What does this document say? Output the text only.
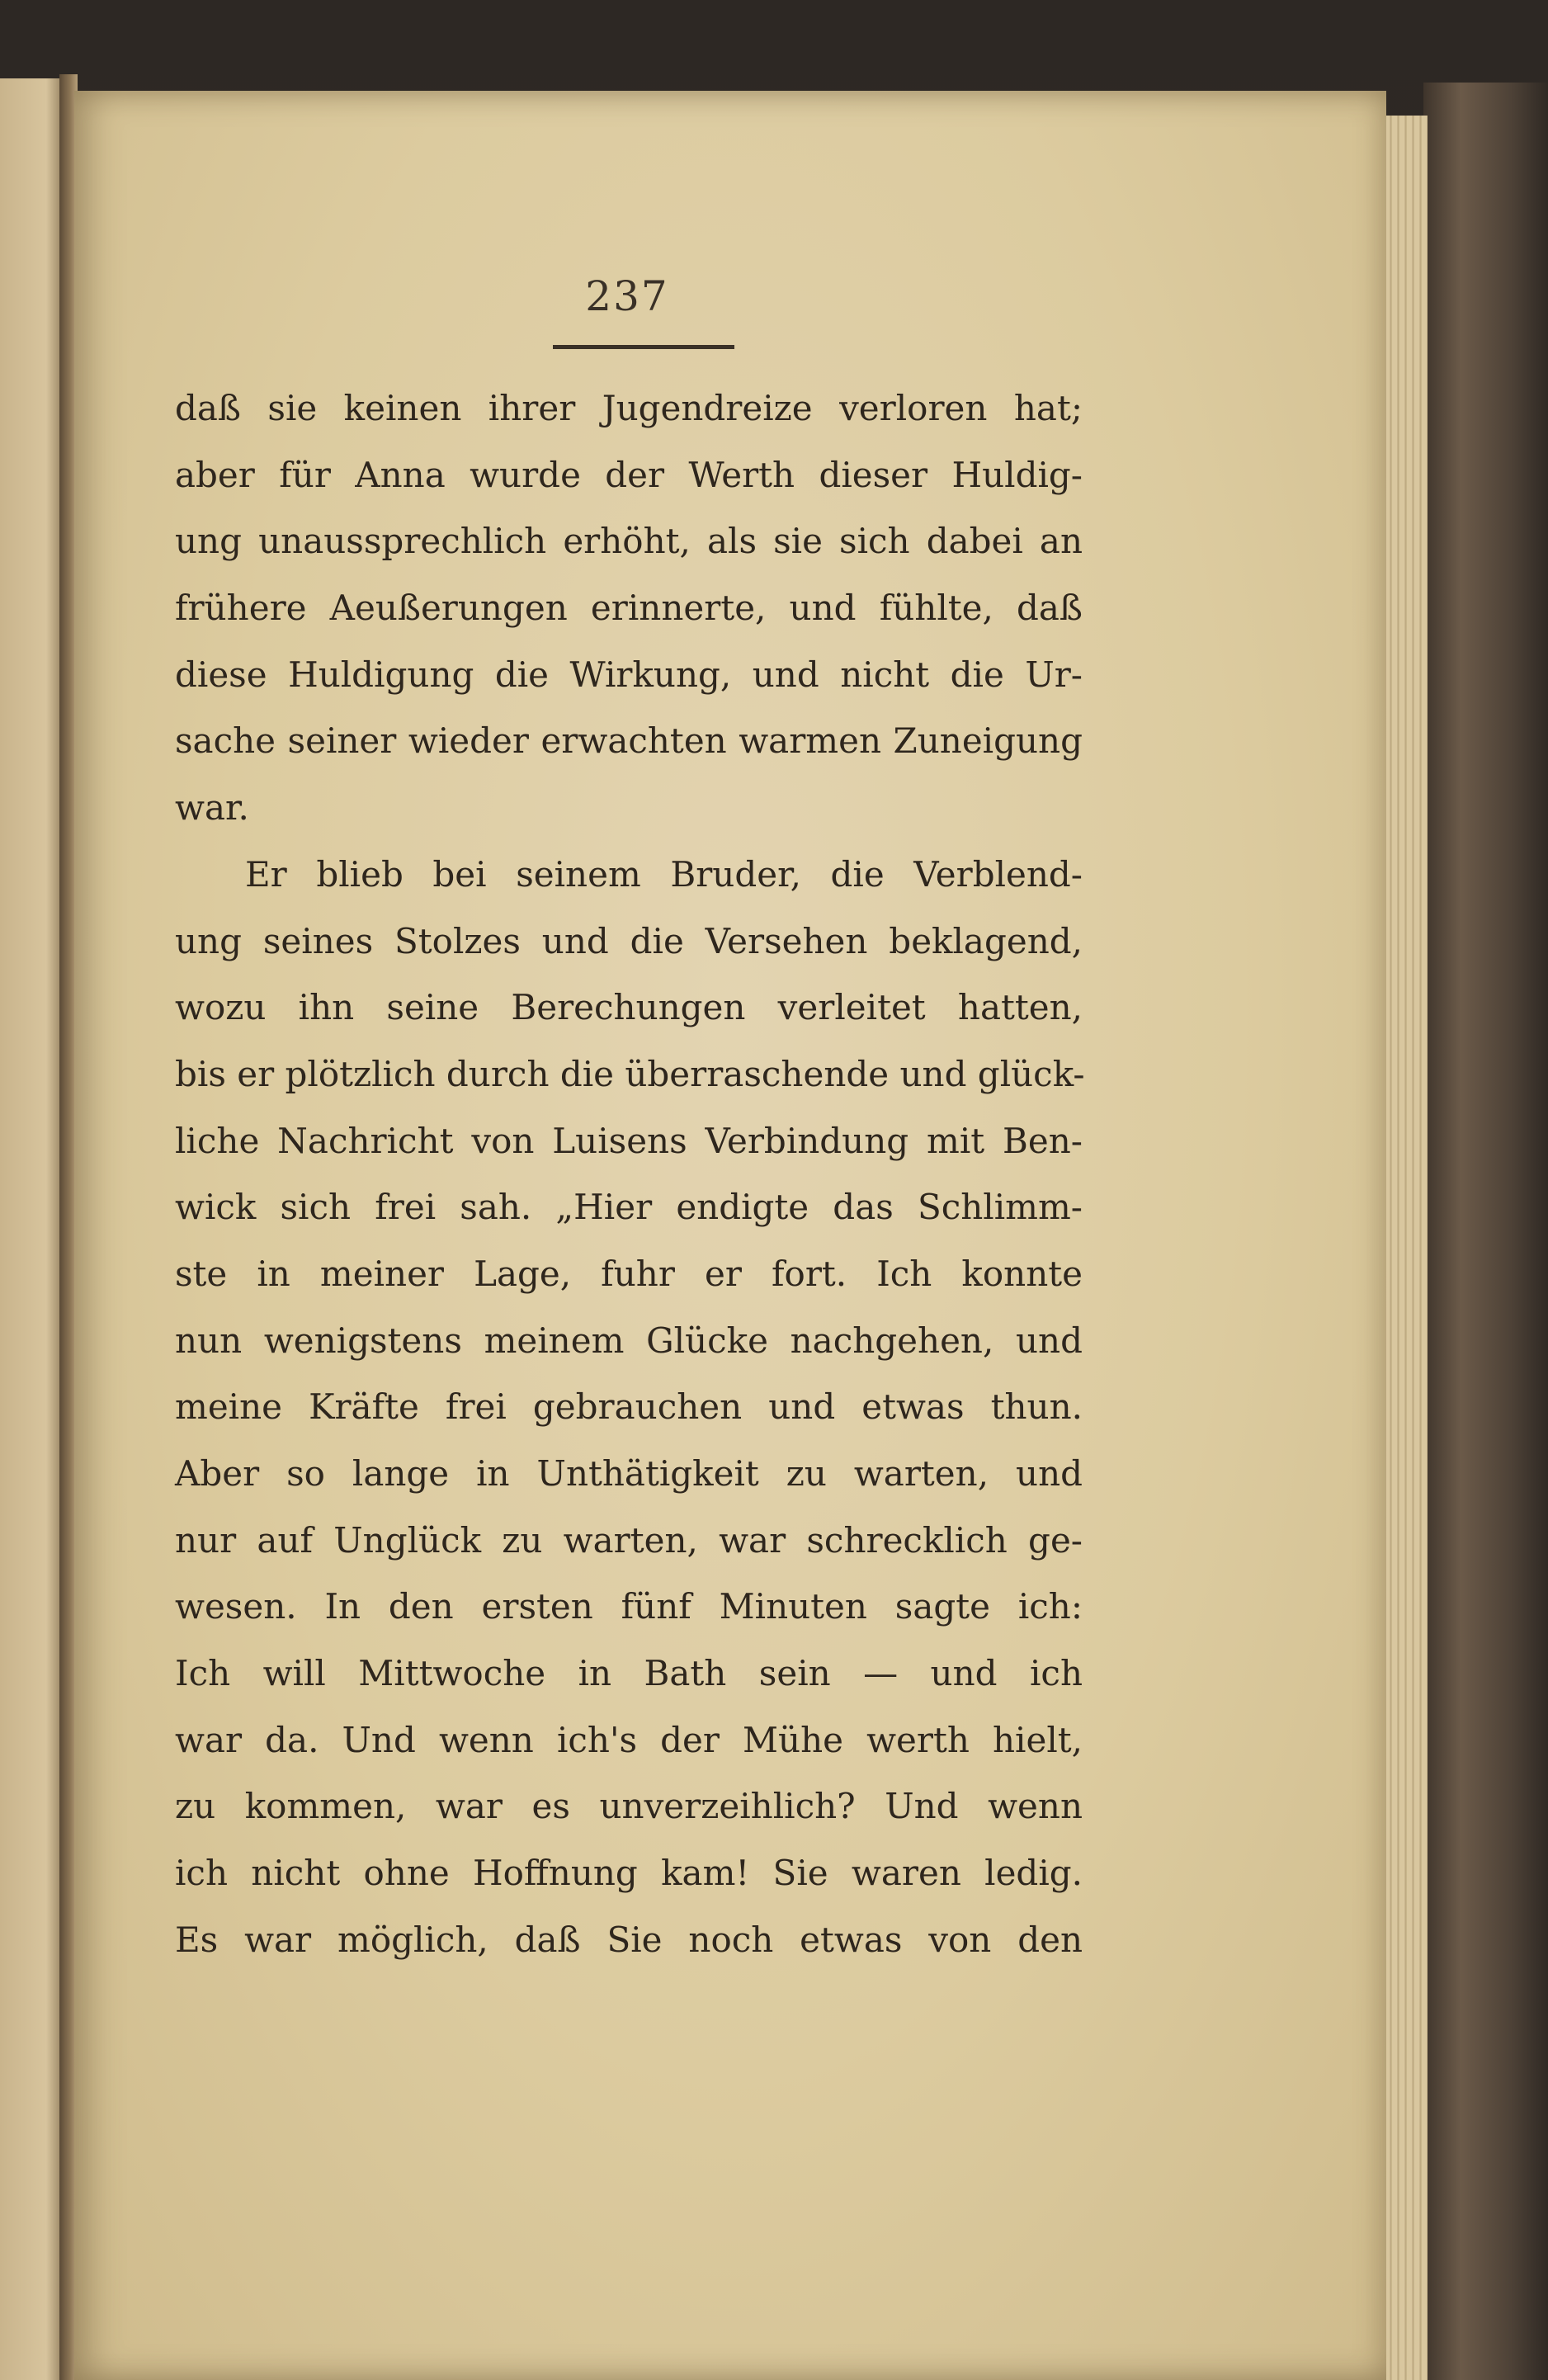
237
daß sie keinen ihrer Jugendreize verloren hat;
aber für Anna wurde der Werth dieser Huldig-
ung unaussprechlich erhöht, als sie sich dabei an
frühere Aeußerungen erinnerte, und fühlte, daß
diese Huldigung die Wirkung, und nicht die Ur-
sache seiner wieder erwachten warmen Zuneigung
war.
Er blieb bei seinem Bruder, die Verblend-
ung seines Stolzes und die Versehen beklagend,
wozu ihn seine Berechungen verleitet hatten,
bis er plötzlich durch die überraschende und glück-
liche Nachricht von Luisens Verbindung mit Ben-
wick sich frei sah. „Hier endigte das Schlimm-
ste in meiner Lage, fuhr er fort. Ich konnte
nun wenigstens meinem Glücke nachgehen, und
meine Kräfte frei gebrauchen und etwas thun.
Aber so lange in Unthätigkeit zu warten, und
nur auf Unglück zu warten, war schrecklich ge-
wesen. In den ersten fünf Minuten sagte ich:
Ich will Mittwoche in Bath sein — und ich
war da. Und wenn ich's der Mühe werth hielt,
zu kommen, war es unverzeihlich? Und wenn
ich nicht ohne Hoffnung kam! Sie waren ledig.
Es war möglich, daß Sie noch etwas von den
